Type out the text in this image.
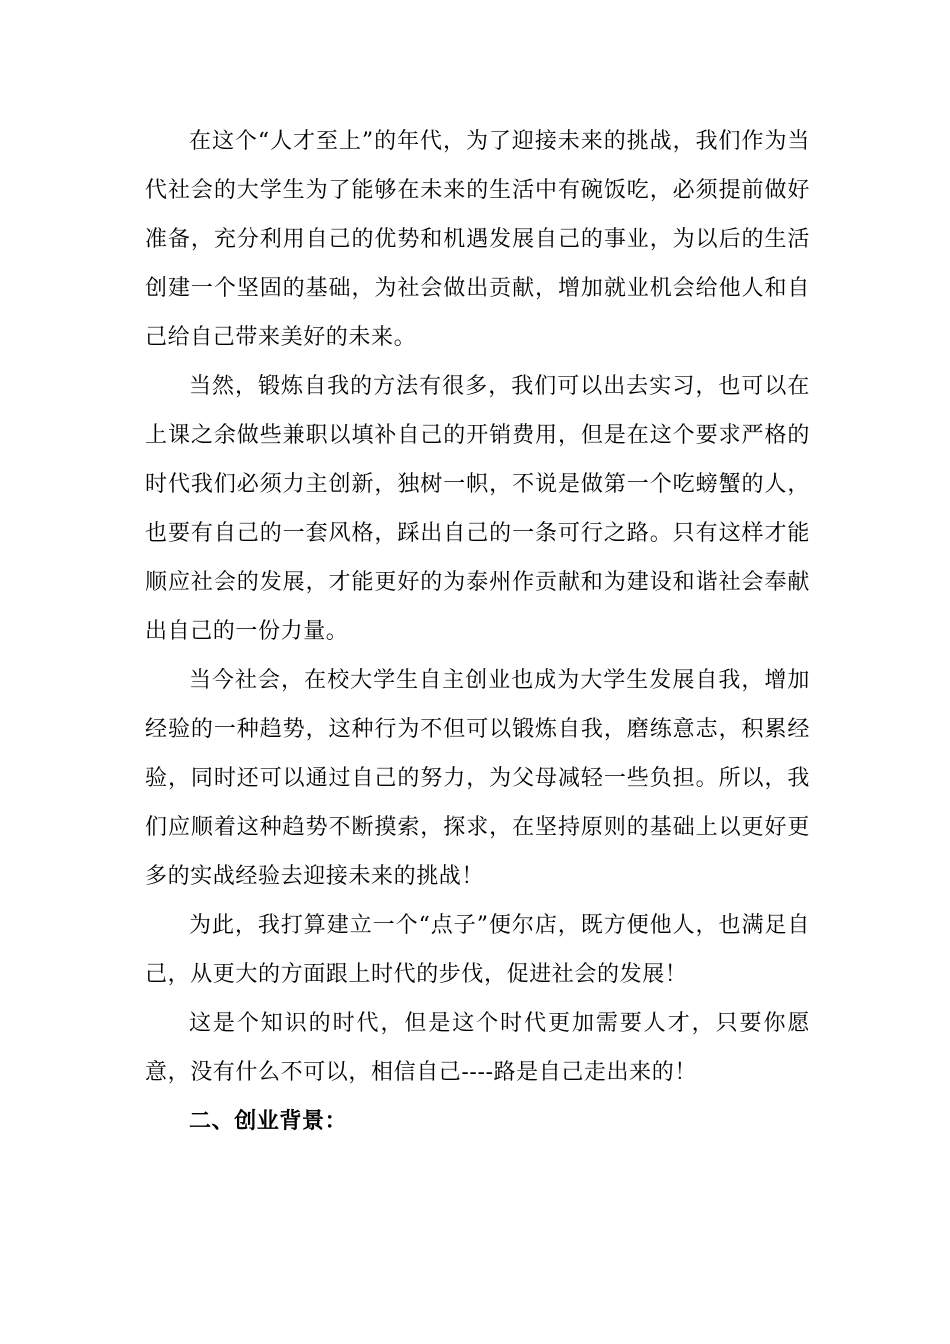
在这个“人才至上”的年代，为了迎接未来的挑战，我们作为当代社会的大学生为了能够在未来的生活中有碗饭吃，必须提前做好准备，充分利用自己的优势和机遇发展自己的事业，为以后的生活创建一个坚固的基础，为社会做出贡献，增加就业机会给他人和自己给自己带来美好的未来。

当然，锻炼自我的方法有很多，我们可以出去实习，也可以在上课之余做些兼职以填补自己的开销费用，但是在这个要求严格的时代我们必须力主创新，独树一帜，不说是做第一个吃螃蟹的人，也要有自己的一套风格，踩出自己的一条可行之路。只有这样才能顺应社会的发展，才能更好的为泰州作贡献和为建设和谐社会奉献出自己的一份力量。

当今社会，在校大学生自主创业也成为大学生发展自我，增加经验的一种趋势，这种行为不但可以锻炼自我，磨练意志，积累经验，同时还可以通过自己的努力，为父母减轻一些负担。所以，我们应顺着这种趋势不断摸索，探求，在坚持原则的基础上以更好更多的实战经验去迎接未来的挑战！

为此，我打算建立一个“点子”便尔店，既方便他人，也满足自己，从更大的方面跟上时代的步伐，促进社会的发展！

这是个知识的时代，但是这个时代更加需要人才，只要你愿意，没有什么不可以，相信自己----路是自己走出来的！

二、创业背景：
